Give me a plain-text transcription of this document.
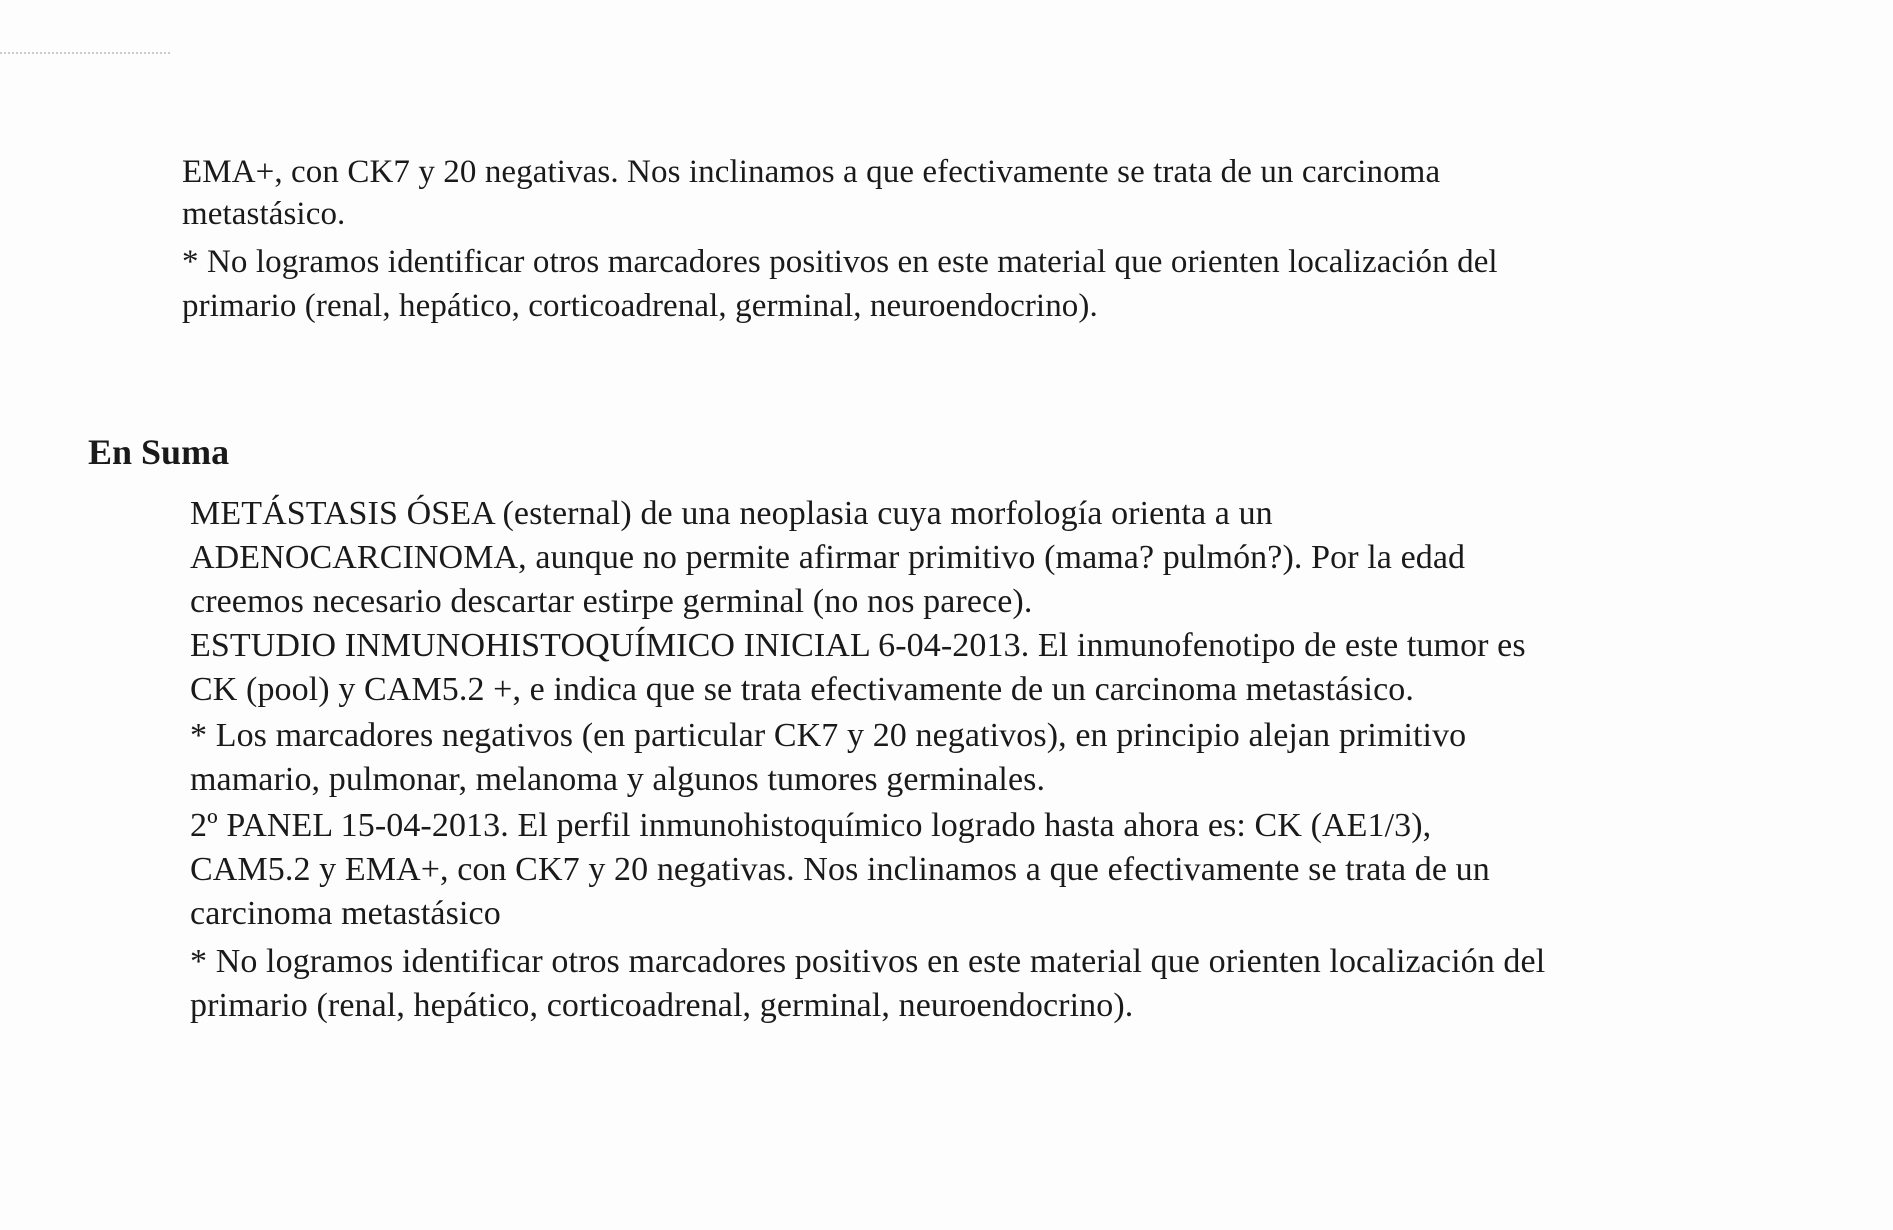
EMA+, con CK7 y 20 negativas. Nos inclinamos a que efectivamente se trata de un carcinoma
metastásico.
* No logramos identificar otros marcadores positivos en este material que orienten localización del
primario (renal, hepático, corticoadrenal, germinal, neuroendocrino).
En Suma
METÁSTASIS ÓSEA (esternal) de una neoplasia cuya morfología orienta a un
ADENOCARCINOMA, aunque no permite afirmar primitivo (mama? pulmón?). Por la edad
creemos necesario descartar estirpe germinal (no nos parece).
ESTUDIO INMUNOHISTOQUÍMICO INICIAL 6-04-2013. El inmunofenotipo de este tumor es
CK (pool) y CAM5.2 +, e indica que se trata efectivamente de un carcinoma metastásico.
* Los marcadores negativos (en particular CK7 y 20 negativos), en principio alejan primitivo
mamario, pulmonar, melanoma y algunos tumores germinales.
2º PANEL 15-04-2013. El perfil inmunohistoquímico logrado hasta ahora es: CK (AE1/3),
CAM5.2 y EMA+, con CK7 y 20 negativas. Nos inclinamos a que efectivamente se trata de un
carcinoma metastásico
* No logramos identificar otros marcadores positivos en este material que orienten localización del
primario (renal, hepático, corticoadrenal, germinal, neuroendocrino).
